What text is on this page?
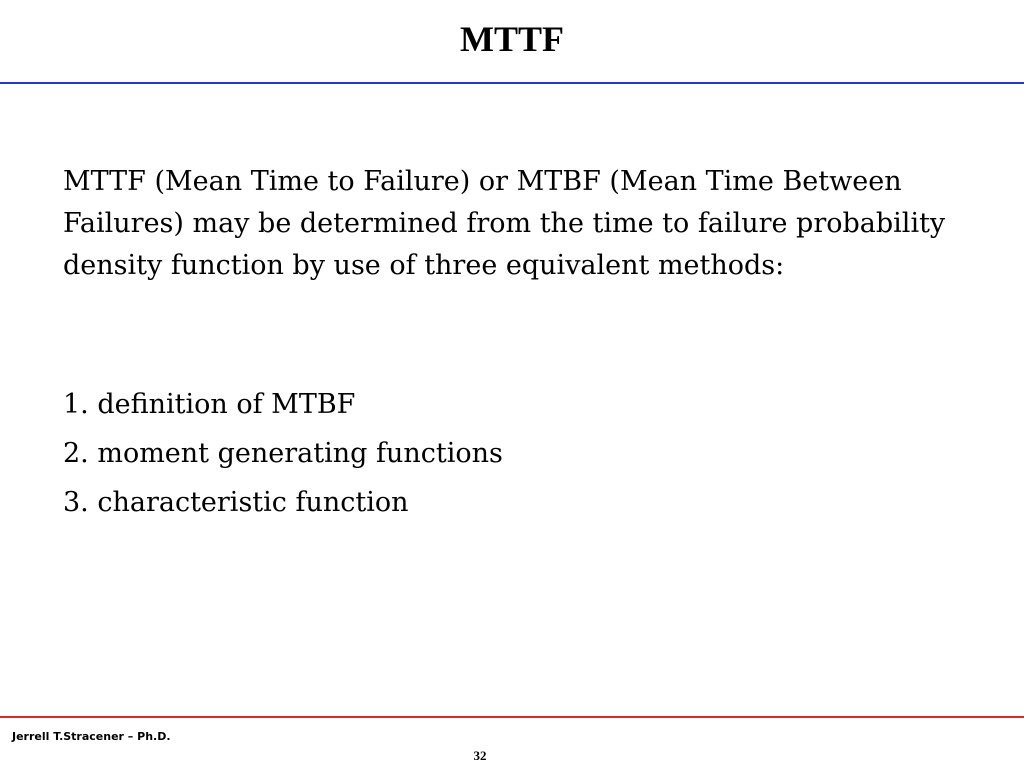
MTTF
MTTF (Mean Time to Failure) or MTBF (Mean Time Between Failures) may be determined from the time to failure probability density function by use of three equivalent methods:
1. definition of MTBF
2. moment generating functions
3. characteristic function
Jerrell T.Stracener – Ph.D.
32
